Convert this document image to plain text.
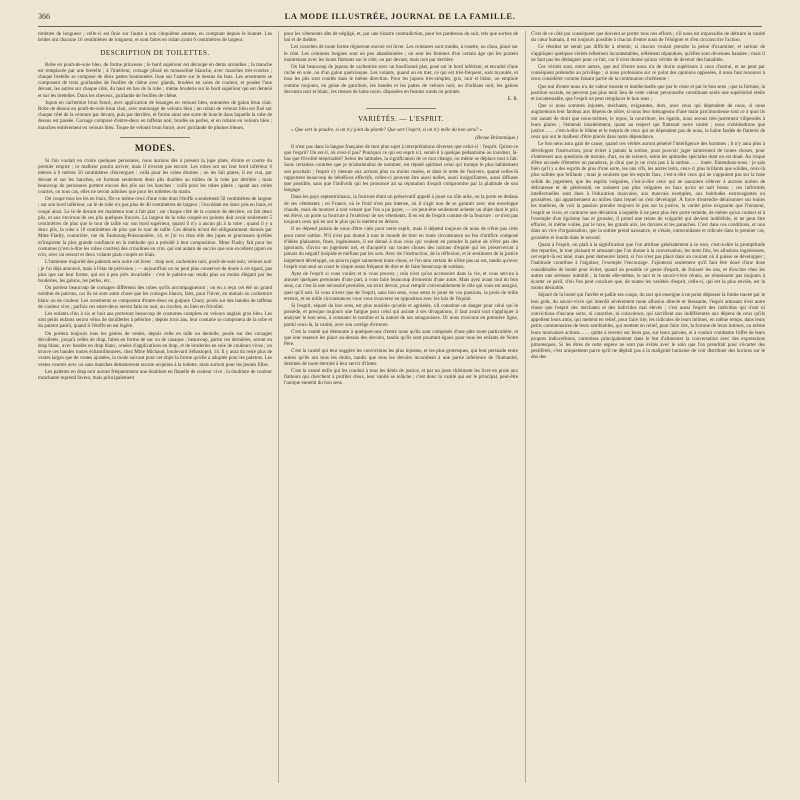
366	LA MODE ILLUSTRÉE, JOURNAL DE LA FAMILLE.

timètres de longueur ; celle-ci est finie sur l'autre à son cinquième anneau, en comptant depuis le bonnet. Les brides ont chacune 16 centimètres de longueur, et sont faites en ruban ayant 6 centimètres de largeur.

DESCRIPTION DE TOILETTES.

Robe en poult-de-soie bleu, de forme princesse ; le bord supérieur est découpé en dents arrondies ; la manche est remplacée par une bretelle ; à l'intérieur, corsage plissé en mousseline blanche, avec manches très-courtes ; chaque bretelle se compose de deux pattes boutonnées l'une sur l'autre sur le dessus du bras. Les ornements se composent de trois guirlandes de feuilles de chêne avec glands, brodées en soies de couleur, et posées l'une devant, les autres sur chaque côté, du haut en bas de la robe ; même broderie sur le bord supérieur qui est dentelé et sur les bretelles. Dans les cheveux, guirlande de feuilles de chêne.

Jupon en cachemire brun foncé, avec application de losanges en velours bleu, entourées de galon brun clair. Robe de dessus en poult-de-soie brun clair, avec entourage de velours bleu ; un ruban de velours bleu est fixé sur chaque côté de la ceinture par devant, puis par derrière, et forme ainsi une sorte de boucle dans laquelle la robe de dessus est passée. Corsage composé d'entre-deux en taffetas noir, brodés en perles, et en rubans en velours bleu ; manches entièrement en velours bleu. Toque de velours brun foncé, avec guirlande de plumes bleues.

MODES.

Si l'on voulait en croire quelques personnes, nous aurions dès à présent la jupe plate, étroite et courte du premier empire ; ce malheur pourra arriver, mais il n'existe pas encore. Les robes ont sur leur bord inférieur 6 mètres à 6 mètres 50 centimètres d'envergure : voilà pour les robes étroites ; on les fait plates, il est vrai, par devant et sur les hanches, en formant seulement deux plis doubles au milieu de la robe par derrière ; mais beaucoup de personnes portent encore des plis sur les hanches : voilà pour les robes plates ; quant aux robes courtes, on tous cas, elles ne seront admises que pour les toilettes du matin.

On coupe tous les lés en biais, fût-ce même ceux d'une robe dont l'étoffe a seulement 50 centimètres de largeur ; sur son bord inférieur, un lé de robe n'a pas plus de 40 centimètres de largeur ; l'excédant est donc pris en biais, et coupé ainsi. Le lé de devant est maintenu tout à fait plat ; sur chaque côté de la couture de derrière, on fait deux plis, et aux environs de ces plis quelques fronces. La largeur de la robe coupée en pointes doit avoir seulement 5 centimètres de plus que le tour de taille sur son bord supérieur, quand il n'y a aucun pli à la robe ; quand il y a deux plis, la robe a 10 centimètres de plus que le tour de taille. Ces détails m'ont été obligeamment donnés par Mme Fladry, couturière, rue du Faubourg-Poissonnière, 14, et j'ai vu chez elle des jupes et gracieuses qu'elles m'inspirent la plus grande confiance en la méthode qui a présidé à leur composition. Mme Fladry fait pour les costumes (c'est-à-dire les robes courtes) des crinolines en crin, qui ont autant de succès que son excellent jupon en crin, avec un ressort et deux volants plats coupés en biais.

L'immense majorité des paletots sera noire cet hiver : drap noir, cachemire noir, poult-de-soie noir, velours noir ; je l'ai déjà annoncé, mais à l'état de prévision ; — aujourd'hui on ne peut plus conserver de doute à cet égard, pas plus que sur leur forme, qui est à peu près invariable : c'est le paletot-sac rendu plus ou moins élégant par les broderies, les galons, les perles, etc.

On portera beaucoup de corsages différents des robes qu'ils accompagneront ; on en a reçu cet été un grand nombre de patrons, car ils ne sont autre chose que les corsages blancs, faits, pour l'hiver, en mohair ou cachemire blanc ou de couleur. Les ornements se composent d'entre-deux en guipure Cluny, posés sur des bandes de taffetas de couleur vive ; parfois ces entre-deux seront faits en noir, au crochet, ou bien en frivolité.

Les enfants d'un à six et huit ans porteront beaucoup de costumes complets en velours anglais gros bleu. Les tout petits enfants seront vêtus de douillettes à pèlerine ; depuis trois ans, leur costume se composera de la robe et du paletot pareil, quand il l'étoffe en est légère.

On portera toujours tous les genres de vestes, depuis celle en tulle ou dentelle, posée sur des corsages décolletés, jusqu'à celles de drap, faites en forme de sac ou de casaque ; beaucoup, parmi ces dernières, seront en drap blanc, avec bandes en drap blanc, ornées d'applications en drap, et de broderies en soie de couleurs vives ; on trouve ces bandes toutes échantillonnées, chez Mme Michaud, boulevard Sébastopol, 14. Il y aura du reste plus de vestes larges que de vestes ajustées, la mode suivant pour cet objet la forme qu'elle a adoptée pour les paletots. Les vestes courtes avec ou sans manches demeureront encore acquises à la toilette, mais surtout pour les jeunes filles.

Les paletots en drap noir auront fréquemment une doublure en flanelle de couleur vive ; la doublure de couleur tranchante reprend faveur, mais principalement

pour les vêtements dits de négligé, et, par une bizarre contradiction, pour les pardessus du soir, tels que sorties de bal et de théâtre.

Les corselets de toute forme régneront encore cet hiver. Les ceintures sont rondes, à rosette, ou chou, placé sur le côté. Les ceintures longues sont un peu abandonnées ; on sent les femmes d'un certain âge qui les portent maintenant avec les bouts flottants sur le côté, ou par devant, mais non par derrière.

On fait beaucoup de jupons de cachemire avec un bouillonné plat, posé sur le bord inférieur, et encadré d'une ruche en soie, ou d'un galon quelconque. Les volants, quand on en met, ce qui est très-fréquent, sont tuyautés, et tous les plis sont coudés dans le même direction. Pour les jupons très-simples, gris, noir et blanc, on emploie comme toujours, en guise de garniture, les bandes et les pattes de velours noir, ou d'orléans noir, les galons deconsia noir et blanc, les tresses de laine noire, disposées en festons ronds ou pointés.

E. R.
VARIÉTÉS. — L'ESPRIT.

« Que sert la poudre, si on n'y joint du plomb? Que sert l'esprit, si on n'y mêle du bon sens? »

(Revue Britannique.)

Il n'est pas dans la langue française de mot plus sujet à interprétations diverses que celui-ci : l'esprit. Qu'est-ce que l'esprit? On est-il, où n'est-il pas? Pourquoi ce qui est esprit ici, serait-il à quelque pédantisme ou lourdeur, là-bas que frivolité méprisable? Selon les latitudes, la signification de ce mot change, ou même se déplace tout à fait. Sous certaines contrées que je m'abstiendrai de nommer, est réputé spirituel celui qui trompe le plus habilement son prochain ; l'esprit s'y mesure aux actions plus ou moins rusées, et dans le reste de l'univers, quand celles-là rapportent beaucoup de bénéfices effectifs, celles-ci peuvent être aussi nulles, aussi insignifiantes, aussi diffuses que possible, sans que l'individu qui les prononce ait sa réputation d'esprit compromise par la platitude de son langage.

Dans les pays septentrionaux, la fourrure étant un préservatif appelé à jouer un rôle utile, on la porte en dedans de ses vêtements ; en France, où le froid n'est pas intense, où il s'agit non de se garantir avec une enveloppe chaude, mais de montrer à tout venant que l'on a pu payer, — on peut-être seulement acheter un objet dont le prix est élevé, on porte sa fourrure à l'extérieur de ses vêtements. Il en est de l'esprit comme de la fourrure : ce n'est pas toujours ceux qui en ont le plus qui le mettent en dehors.

Il ne dépend jamais de nous d'être cités pour notre esprit, mais il dépend toujours de nous de n'être pas cités pour notre sottise. N'il n'est pas donné à tout le monde de tirer en toute circonstance un feu d'artifice composé d'idées plaisantes, fines, ingénieuses, il est donné à tous ceux qui veulent en prendre la peine de n'être pas des ignorants, d'avoir un jugement net, et d'acquérir sur toutes choses des notions d'équité qui les préserveront à jamais du négatif insipide et méfiant par les sots. Avec de l'instruction, de la réflexion, et le sentiment de la justice largement développé, on pourra juger sainement toute chose, et l'on sera certain de n'être pas un sot, tandis qu'avec l'esprit tout seul on court le risque assez fréquent de dire et de faire beaucoup de sottises.

Ayez de l'esprit si vous voulez et si vous pouvez ; cela n'est qu'un accessoire dans la vie, et vous servira à amuser quelques personnes d'une part, à vous faire beaucoup d'ennemis d'une autre. Mais ayez avant tout du bon sens, car c'est là une nécessité première, un strict devoir, pour remplir convenablement le rôle qui vous est assigné, quel qu'il soit. Si vous n'avez que de l'esprit, sans bon sens, vous serez le jouet de vos passions, la proie de mille erreurs, et en mille circonstances vous vous trouverez en opposition avec les lois de l'équité.

Si l'esprit, séparé du bon sens, est plus nuisible qu'utile et agréable, s'il constitue un danger pour celui qui le possède, et presque toujours une fatigue pour celui qui assiste à ses divagations, il faut avant tout s'appliquer à analyser le bon sens, à constater le nombre et la nature de ses antagonistes. Or nous trouvons en première ligne, parmi ceux-là, la vanité, avec son cortège d'erreurs.

C'est la vanité qui démontre à quelques-uns d'entre nous qu'ils sont composés d'une pâte toute particulière, et que leur essence les place au-dessus des devoirs, tandis qu'ils sont pourtant égaux pour tous les enfants de Notre Père.

C'est la vanité qui leur suggère les convictions les plus injustes, et les plus grotesques, qui leur persuade entre autres qu'ils ont tous les droits, tandis que tous les devoirs incombent à une partie inférieure de l'humanité, destinée de toute éternité à leur servir d'ilotes.

C'est la vanité enfin qui les conduit à tous les dénis de justice, et par un juste châtiment les livre en proie aux flatteurs qui cherchent à profiter d'eux, leur vanité se relâche ; c'est donc la vanité qui est le principal, peut-être l'unique ennemi du bon sens.

C'est de ce côté par conséquent que doivent se porter tous nos efforts ; s'il nous est impossible de détruire la vanité du cœur humain, il est toujours possible à chacun d'entre nous de l'éloigner et d'en circonscrire l'action.

Ce résultat ne serait pas difficile à obtenir, si chacun voulait prendre la peine d'examiner, et surtout de s'appliquer quelques vérités tellement incontestables, tellement répandues, qu'elles sont devenues banales ; mais il ne faut pas les dédaigner pour ce fait, car il n'est donné qu'aux vérités de devenir des banalités.

Ces vérités sont, entre autres, que nul d'entre nous n'a de droits supérieurs à ceux d'autrui, et ne peut par conséquent prétendre au privilège ; si nous professons sur ce point des opinions opposées, il nous faut renoncer à nous considérer comme faisant partie de la communion chrétienne ;

Que nul d'entre nous n'a de valeur morale et intellectuelle que par le cœur et par le bon sens ; que la fortune, la position sociale, ne peuvent pas plus tenir lieu de cette valeur personnelle constituant seule une supériorité réelle et incontestable, que l'esprit ne peut remplacer le bon sens ;

Que si nous sommes injustes, méchants, exigeantes, durs, avec ceux qui dépendent de nous, si nous augmentons leur fardeau aux dépens de nôtre, si nous leur ménageons d'une main parcimonieuse tout ce à quoi ils ont autant de droit que nous-mêmes, le repos, la nourriture, les égards, nous serons très-justement vilipendés à leurs places ; l'entends insolemment, quant au respect qui flatterait notre vanité ; nous n'obtiendrons que justice…… c'est-à-dire le blâme et le mépris de ceux qui ne dépendent pas de nous, la haine fardée de flatterie de ceux qui ont le malheur d'être placés dans notre dépendance.

Le bon sens aura gain de cause, quand ces vérités auront pénétré l'intelligence des hommes ; il n'y aura plus à développer l'instruction, pour éviter à jamais la sottise, pour pouvoir juger saintement de toutes choses, pour s'intéresser aux questions de morale, d'art, ou de science, selon les aptitudes spéciales dont on est doué. Au risque d'être accusée d'émettre un paradoxe, je dirai que je ne crois pas à la sottise…… innée. Entendons-nous : je sais bien qu'il y a des esprits de plus d'une sorte, les uns vifs, les autres lents, ceux-ci plus brillants que solides, ceux-là plus solides que brillants ; mais je soutiens que les esprits faux, c'est-à-dire ceux qui ne s'appuient pas sur la base solide du jugement, que les esprits vulgaires, c'est-à-dire ceux qui ne sauraient s'élever à aucune notion de délicatesse et de générosité, ne naissent pas plus vulgaires ou faux qu'on ne naît bossu ; ces infirmités intellectuelles sont dues à l'éducation mauvaise, aux mauvais exemples, aux habitudes extravagantes ou grossières, qui appartiennent au milieu dans lequel on s'est développé. À force d'entendre déraisonner sur toutes les matières, de voir la passion prendre toujours le pas sur la justice, la vanité prise exigeante que l'honneur, l'esprit se vicie, et contracte une déviation à laquelle il ne peut plus être porté remède, de même qu'un contact et à l'exemple d'un égoïsme bas et grossier, il prend une teinte de vulgarité qui devient indélébile, et ne peut être effacée, ni même voilée, par le luxe, les grands airs, les dorures et les panaches. C'est dans ces conditions, et non dans un vice d'organisation, que la sottise prend naissance, et s'étale, outrecuidante et ridicule dans le premier cas, grossière et lourde dans le second.

Quant à l'esprit, on plaît à la signification que l'on attribue généralement à ce mot, c'est-à-dire la promptitude des reparties, le tour plaisant et amusant que l'on donne à la conversation, les mots fins, les allusions ingénieuses, cet esprit-là est inné, mais peut demeurer latent, si l'on n'est pas placé dans un courant où il puisse se développer ; l'habitude contribue à l'aiguiser, l'exemple l'encourage. J'ajouterai seulement qu'il faut être doué d'une dose considérable de bonté pour éviter, quand on possède ce genre d'esprit, de froisser les uns, et d'exciter chez les autres une sérieuse inimitié ; la bonté elle-même, le tact et le savoir-vivre réunis, ne réussissent pas toujours à écarter ce péril, d'où l'on peut conclure que, de toutes les variétés d'esprit, celle-ci, qui est la plus enviée, est la moins désirable.

Séparé de la bonté qui l'arrête et pallie ses coups, du tact qui enseigne à ne point dépasser la limite tracée par le bon goût, du savoir-vivre qui interdit sévèrement toute allusion directe et blessante, l'esprit amusant n'est autre chose que l'esprit des méchants et des individus mal élevés ; c'est aussi l'esprit des individus qui n'ont ni convictions d'aucune sorte, ni caractère, ni conscience, qui sacrifient aux indifférentes aux dépens de ceux qu'ils appellent leurs amis, qui mettent en relief, pour faire rire, les ridicules de leurs intimes, en même temps, dans leurs petits commentaires de leurs semblables, qui mettent en relief, pour faire rire, la fortune de leurs intimes, ou même leurs mauvaises actions…… quitte à revenir sur leurs pas, sur leurs paroles, et à vouloir combattre l'effet de leurs propres indiscrétions, commises principalement dans le but d'alimenter la conversation avec des expressions pittoresques. Si les êtres de cette espèce ne sont pas évités avec le soin que l'on prendrait pour s'écarter des pestiférés, c'est uniquement parce qu'il ne déplaît pas à la malignité humaine de voir distribuer des horions sur le dos des
